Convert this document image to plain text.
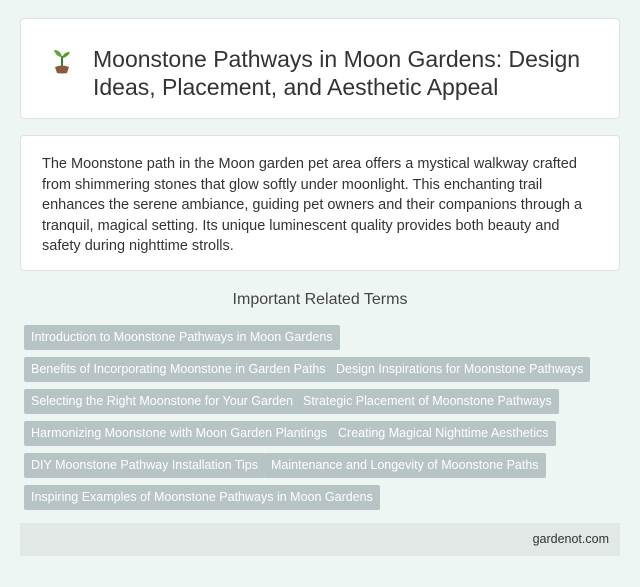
Moonstone Pathways in Moon Gardens: Design Ideas, Placement, and Aesthetic Appeal

The Moonstone path in the Moon garden pet area offers a mystical walkway crafted from shimmering stones that glow softly under moonlight. This enchanting trail enhances the serene ambiance, guiding pet owners and their companions through a tranquil, magical setting. Its unique luminescent quality provides both beauty and safety during nighttime strolls.

Important Related Terms
Introduction to Moonstone Pathways in Moon Gardens
Benefits of Incorporating Moonstone in Garden Paths Design Inspirations for Moonstone Pathways
Selecting the Right Moonstone for Your Garden Strategic Placement of Moonstone Pathways
Harmonizing Moonstone with Moon Garden Plantings Creating Magical Nighttime Aesthetics
DIY Moonstone Pathway Installation Tips	Maintenance and Longevity of Moonstone Paths
Inspiring Examples of Moonstone Pathways in Moon Gardens
gardenot.com
